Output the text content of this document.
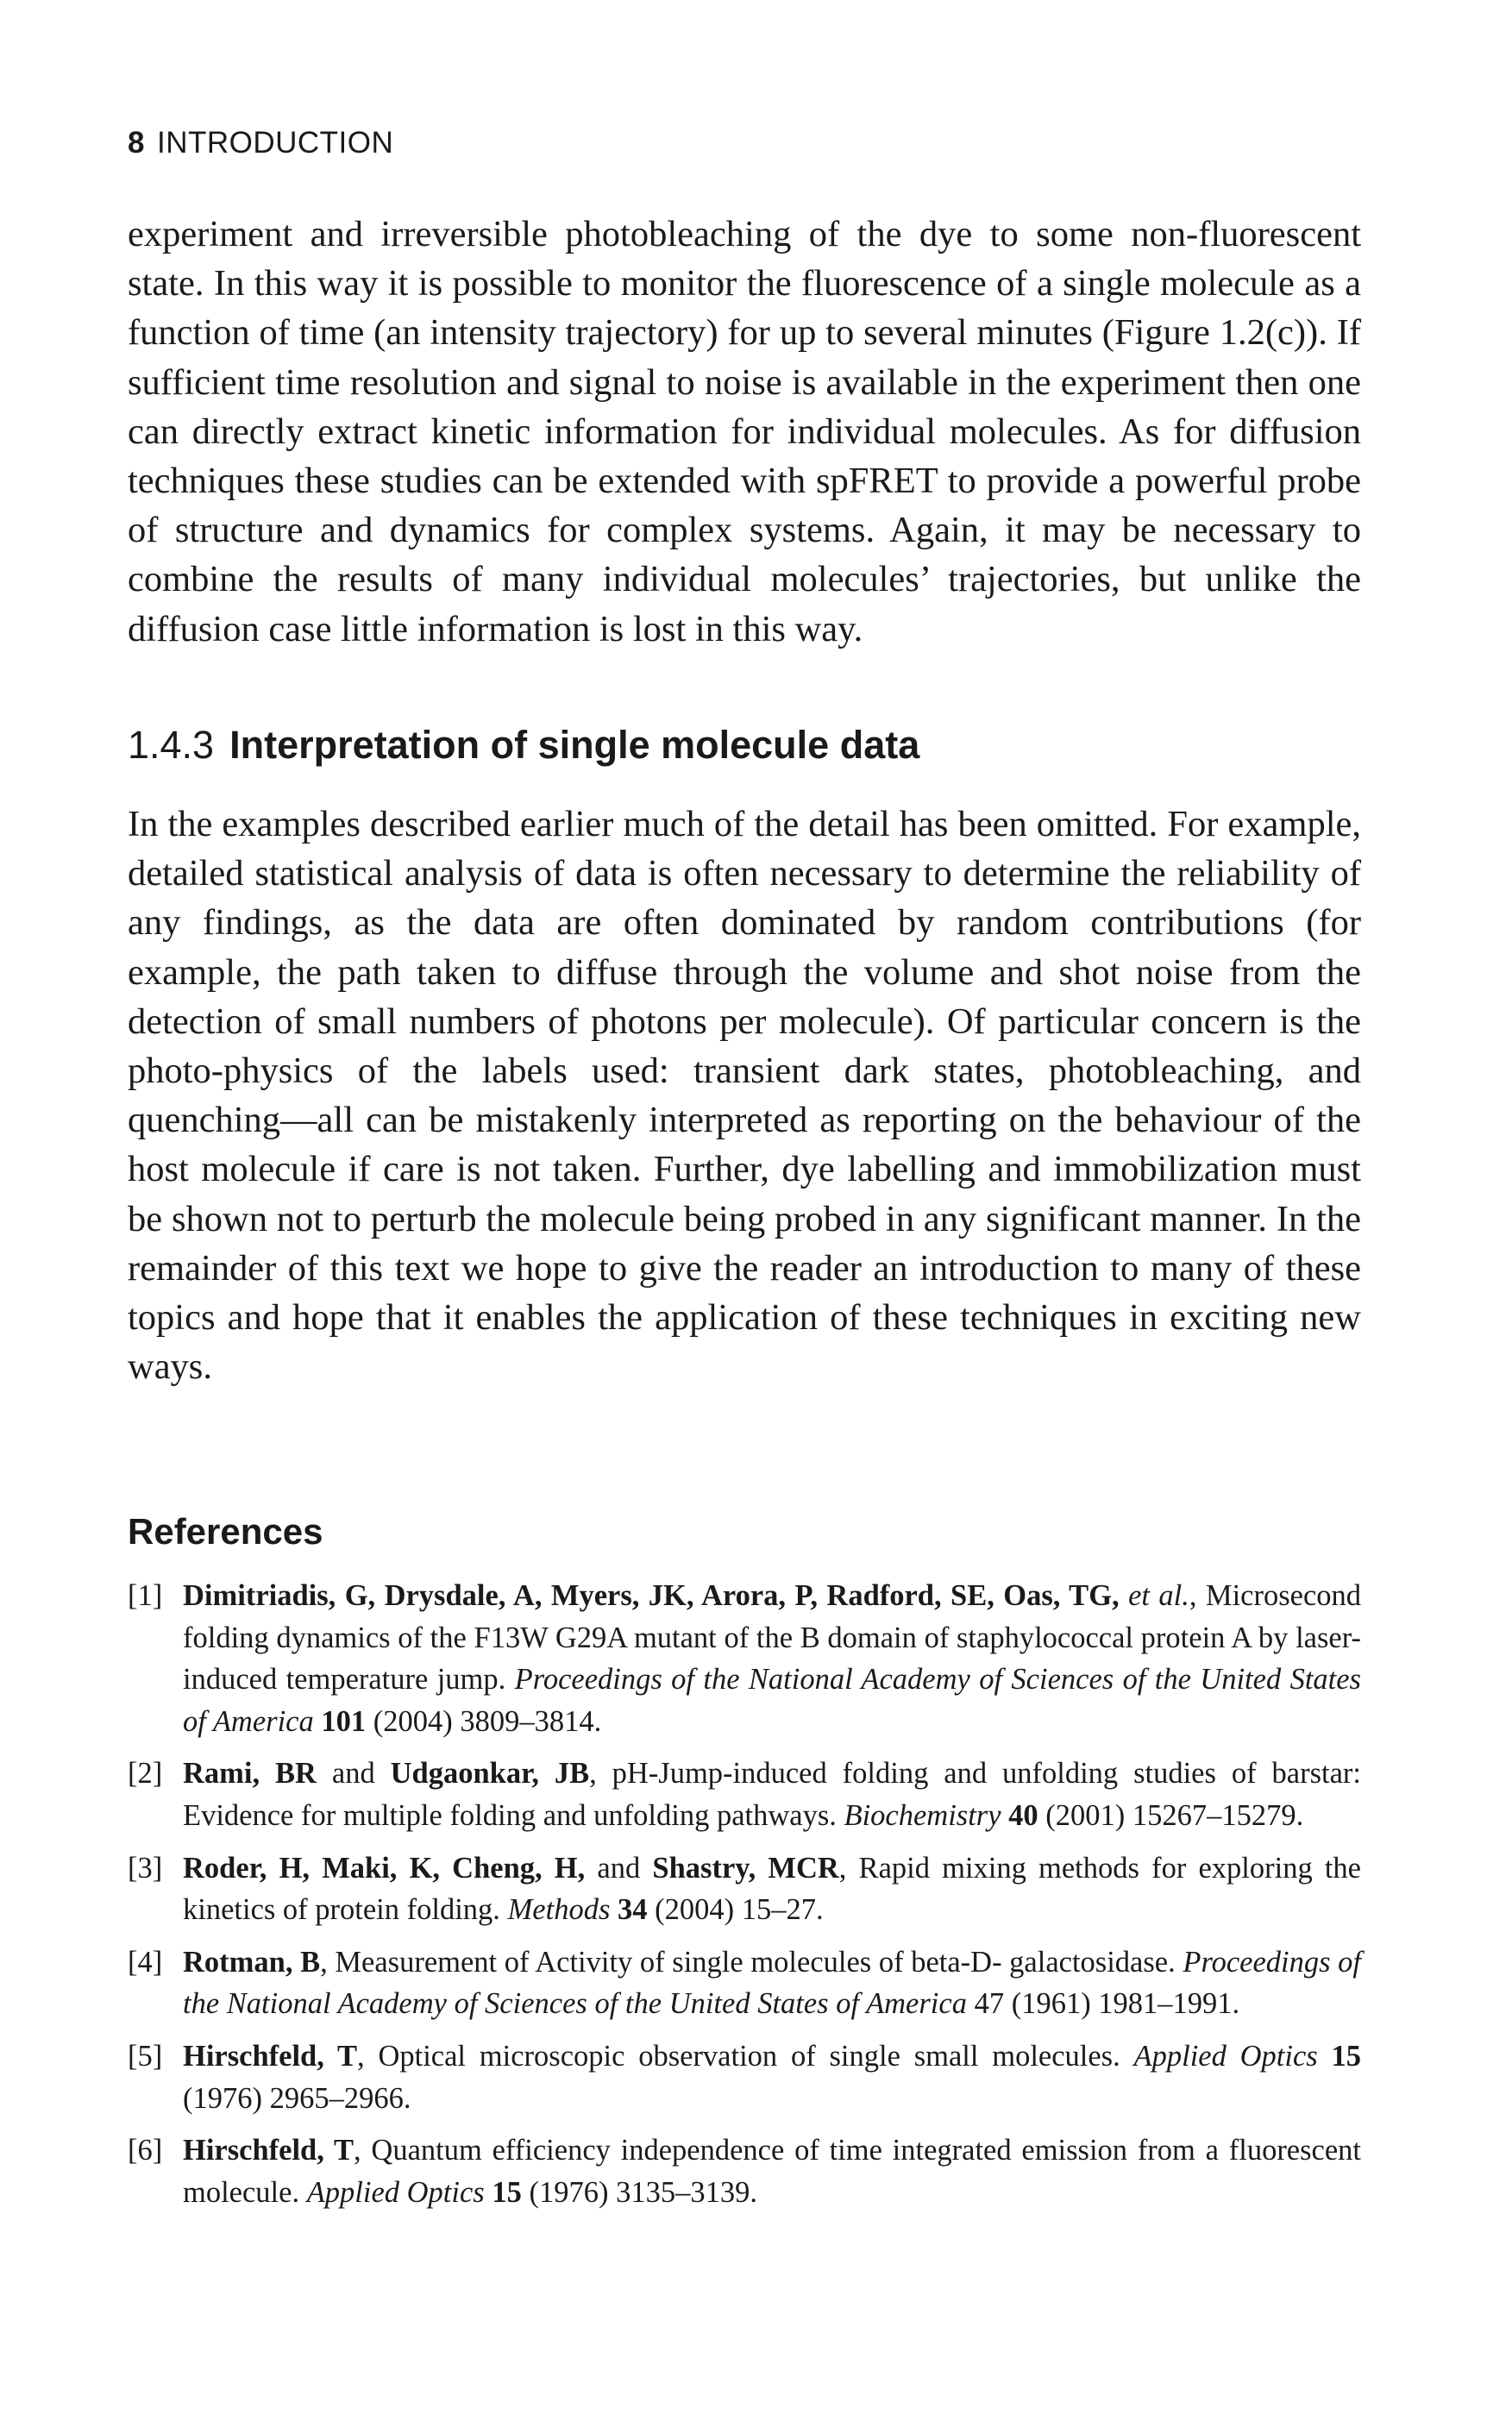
8 INTRODUCTION

experiment and irreversible photobleaching of the dye to some non-fluorescent state. In this way it is possible to monitor the fluorescence of a single molecule as a function of time (an intensity trajectory) for up to several minutes (Figure 1.2(c)). If sufficient time resolution and signal to noise is available in the experiment then one can directly extract kinetic information for individual molecules. As for diffusion techniques these studies can be extended with spFRET to provide a powerful probe of structure and dynamics for complex systems. Again, it may be necessary to combine the results of many individual molecules’ trajectories, but unlike the diffusion case little information is lost in this way.

1.4.3 Interpretation of single molecule data

In the examples described earlier much of the detail has been omitted. For example, detailed statistical analysis of data is often necessary to determine the reliability of any findings, as the data are often dominated by random contributions (for example, the path taken to diffuse through the volume and shot noise from the detection of small numbers of photons per molecule). Of particular concern is the photo-physics of the labels used: transient dark states, photobleaching, and quenching—all can be mistakenly interpreted as reporting on the behaviour of the host molecule if care is not taken. Further, dye labelling and immobilization must be shown not to perturb the molecule being probed in any significant manner. In the remainder of this text we hope to give the reader an introduction to many of these topics and hope that it enables the application of these techniques in exciting new ways.

References
[1] Dimitriadis, G, Drysdale, A, Myers, JK, Arora, P, Radford, SE, Oas, TG, et al., Microsecond folding dynamics of the F13W G29A mutant of the B domain of staphylococcal protein A by laser-induced temperature jump. Proceedings of the National Academy of Sciences of the United States of America 101 (2004) 3809–3814.
[2] Rami, BR and Udgaonkar, JB, pH-Jump-induced folding and unfolding studies of barstar: Evidence for multiple folding and unfolding pathways. Biochemistry 40 (2001) 15267–15279.
[3] Roder, H, Maki, K, Cheng, H, and Shastry, MCR, Rapid mixing methods for exploring the kinetics of protein folding. Methods 34 (2004) 15–27.
[4] Rotman, B, Measurement of Activity of single molecules of beta-D- galactosidase. Proceedings of the National Academy of Sciences of the United States of America 47 (1961) 1981–1991.
[5] Hirschfeld, T, Optical microscopic observation of single small molecules. Applied Optics 15 (1976) 2965–2966.
[6] Hirschfeld, T, Quantum efficiency independence of time integrated emission from a fluorescent molecule. Applied Optics 15 (1976) 3135–3139.
